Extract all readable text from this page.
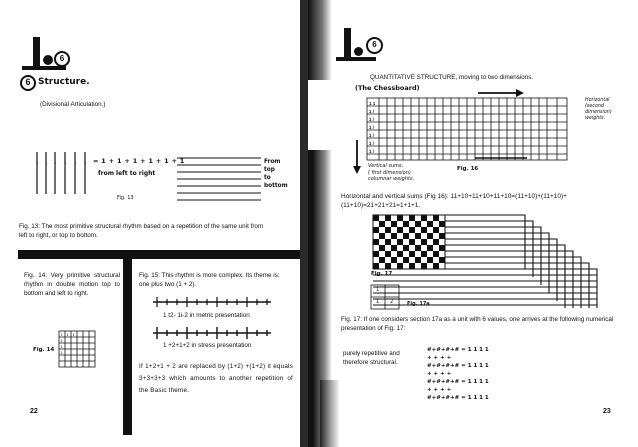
6
6 Structure.
(Divisional Articulation.)
1 1 1 1 1 1 = 1 + 1 + 1 + 1 + 1 + 1
from left to right
Fig. 13
From
top
to
bottom
Fig. 13: The most primitive structural rhythm based on a repetition of the same unit from left to right, or top to bottom.
Fig. 14: Very primitive structural rhythm in double motion top to bottom and left to right.
Fig. 14
1 1 1
1
1
1
Fig. 15: This rhythm is more complex. Its theme is: one plus two (1 + 2).
1 t2- 1i-2 in metric presentation
1 +2+1+2 in stress presentation
If 1+2+1 + 2 are replaced by (1+2) +(1+2) it equals 3+3+3+3 which amounts to another repetition of the Basic theme.
22
6
QUANTITATIVE STRUCTURE, moving to two dimensions.
(The Chessboard)
1 1
1 /
1 /
1 /
1 /
1 /
1 /
Horizontal (second dimension) weights.
Vertical sums.
( first dimension)
columnar weights.
Fig. 16
Horizontal and vertical sums (Fig 16): 11+10+11+10+11+10=(11+10)+(11+10)+(11+10)=21+21+21=1+1+1.
Fig. 17
1
1 2	Fig. 17a
Fig. 17: If one considers section 17a as a unit with 6 values, one arrives at the following numerical presentation of Fig. 17:
purely repetitive and therefore structural.
#+#+#+# = 1 1 1 1
+ + + +
#+#+#+# = 1 1 1 1
+ + + +
#+#+#+# = 1 1 1 1
+ + + +
#+#+#+# = 1 1 1 1
23
